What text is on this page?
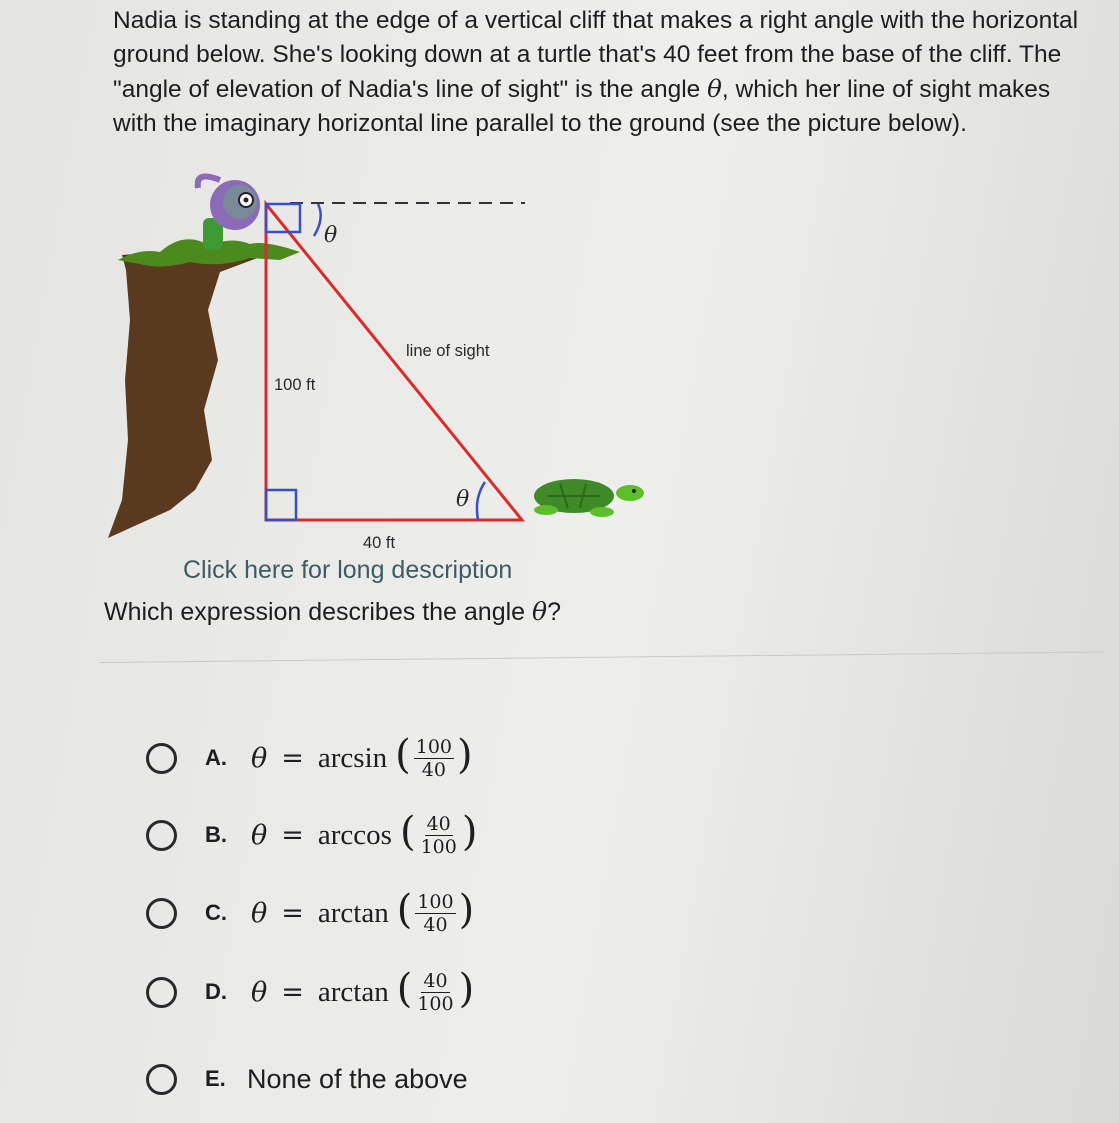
Nadia is standing at the edge of a vertical cliff that makes a right angle with the horizontal ground below. She's looking down at a turtle that's 40 feet from the base of the cliff. The "angle of elevation of Nadia's line of sight" is the angle θ, which her line of sight makes with the imaginary horizontal line parallel to the ground (see the picture below).

θ
θ
line of sight
100 ft
40 ft
Click here for long description

Which expression describes the angle θ?

A. θ = arcsin ( $\frac{100}{40}$ )
B. θ = arccos ( $\frac{40}{100}$ )
C. θ = arctan ( $\frac{100}{40}$ )
D. θ = arctan ( $\frac{40}{100}$ )
E. None of the above
